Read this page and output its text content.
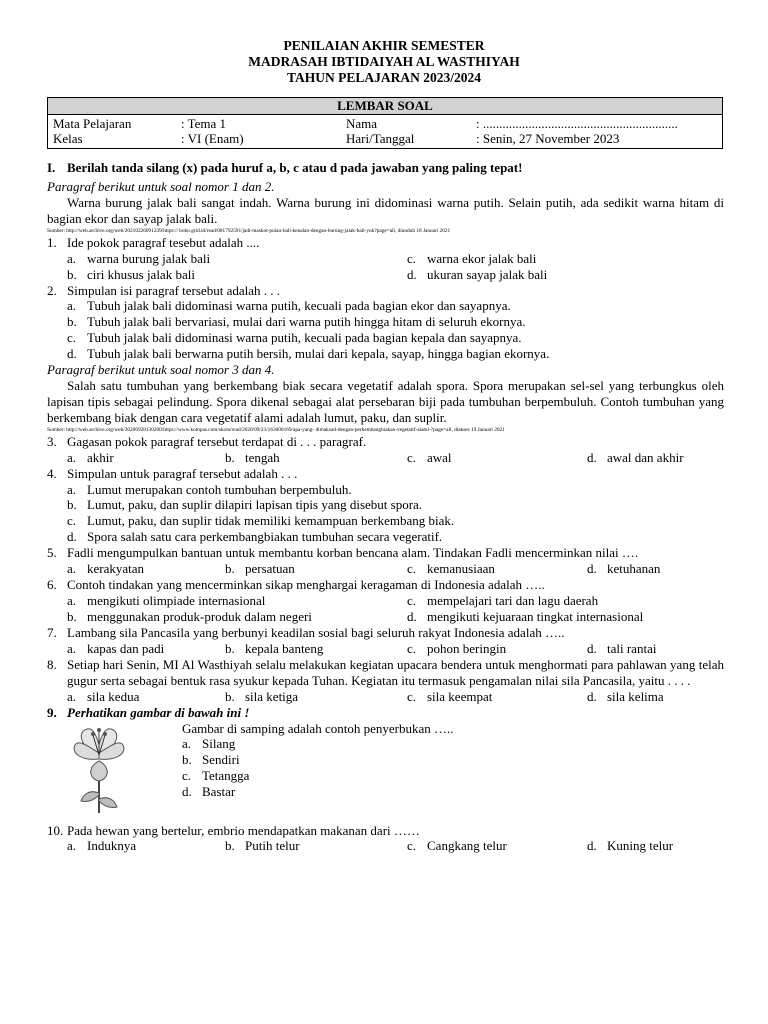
PENILAIAN AKHIR SEMESTER
MADRASAH IBTIDAIYAH AL WASTHIYAH
TAHUN PELAJARAN 2023/2024
LEMBAR SOAL
Mata Pelajaran	: Tema 1	Nama	: ............................................................
Kelas	: VI (Enam)	Hari/Tanggal	: Senin, 27 November 2023
I. Berilah tanda silang (x) pada huruf a, b, c atau d pada jawaban yang paling tepat!
Paragraf berikut untuk soal nomor 1 dan 2.
Warna burung jalak bali sangat indah. Warna burung ini didominasi warna putih. Selain putih, ada sedikit warna hitam di bagian ekor dan sayap jalak bali.
Sumber: http://web.archive.org/web/20210226091239/https:// bobo.grid.id/read/081792591/jadi-maskot-pulau-bali-kenalan-dengan-burung-jalak-bali-yuk?page=all, diunduh 18 Januari 2021
1. Ide pokok paragraf tesebut adalah ....
a. warna burung jalak bali	c. warna ekor jalak bali
b. ciri khusus jalak bali	d. ukuran sayap jalak bali
2. Simpulan isi paragraf tersebut adalah . . .
a. Tubuh jalak bali didominasi warna putih, kecuali pada bagian ekor dan sayapnya.
b. Tubuh jalak bali bervariasi, mulai dari warna putih hingga hitam di seluruh ekornya.
c. Tubuh jalak bali didominasi warna putih, kecuali pada bagian kepala dan sayapnya.
d. Tubuh jalak bali berwarna putih bersih, mulai dari kepala, sayap, hingga bagian ekornya.
Paragraf berikut untuk soal nomor 3 dan 4.
Salah satu tumbuhan yang berkembang biak secara vegetatif adalah spora. Spora merupakan sel-sel yang terbungkus oleh lapisan tipis sebagai pelindung. Spora dikenal sebagai alat persebaran biji pada tumbuhan berpembuluh. Contoh tumbuhan yang berkembang biak dengan cara vegetatif alami adalah lumut, paku, dan suplir.
Sumber: http://web.archive.org/web/20200928130200/https://www.kompas.com/skola/read/2020/09/23/163000169/apa-yang- dimaksud-dengan-perkembangbiakan-vegetatif-alami-?page=all, diakses 19 Januari 2021
3. Gagasan pokok paragraf tersebut terdapat di . . . paragraf.
a. akhir	b. tengah	c. awal	d. awal dan akhir
4. Simpulan untuk paragraf tersebut adalah . . .
a. Lumut merupakan contoh tumbuhan berpembuluh.
b. Lumut, paku, dan suplir dilapiri lapisan tipis yang disebut spora.
c. Lumut, paku, dan suplir tidak memiliki kemampuan berkembang biak.
d. Spora salah satu cara perkembangbiakan tumbuhan secara vegeratif.
5. Fadli mengumpulkan bantuan untuk membantu korban bencana alam. Tindakan Fadli mencerminkan nilai ….
a. kerakyatan	b. persatuan	c. kemanusiaan	d. ketuhanan
6. Contoh tindakan yang mencerminkan sikap menghargai keragaman di Indonesia adalah …..
a. mengikuti olimpiade internasional	c. mempelajari tari dan lagu daerah
b. menggunakan produk-produk dalam negeri	d. mengikuti kejuaraan tingkat internasional
7. Lambang sila Pancasila yang berbunyi keadilan sosial bagi seluruh rakyat Indonesia adalah …..
a. kapas dan padi	b. kepala banteng	c. pohon beringin	d. tali rantai
8. Setiap hari Senin, MI Al Wasthiyah selalu melakukan kegiatan upacara bendera untuk menghormati para pahlawan yang telah gugur serta sebagai bentuk rasa syukur kepada Tuhan. Kegiatan itu termasuk pengamalan nilai sila Pancasila, yaitu . . . .
a. sila kedua	b. sila ketiga	c. sila keempat	d. sila kelima
9. Perhatikan gambar di bawah ini !
Gambar di samping adalah contoh penyerbukan …..
a. Silang
b. Sendiri
c. Tetangga
d. Bastar
10. Pada hewan yang bertelur, embrio mendapatkan makanan dari ……
a. Induknya	b. Putih telur	c. Cangkang telur	d. Kuning telur
